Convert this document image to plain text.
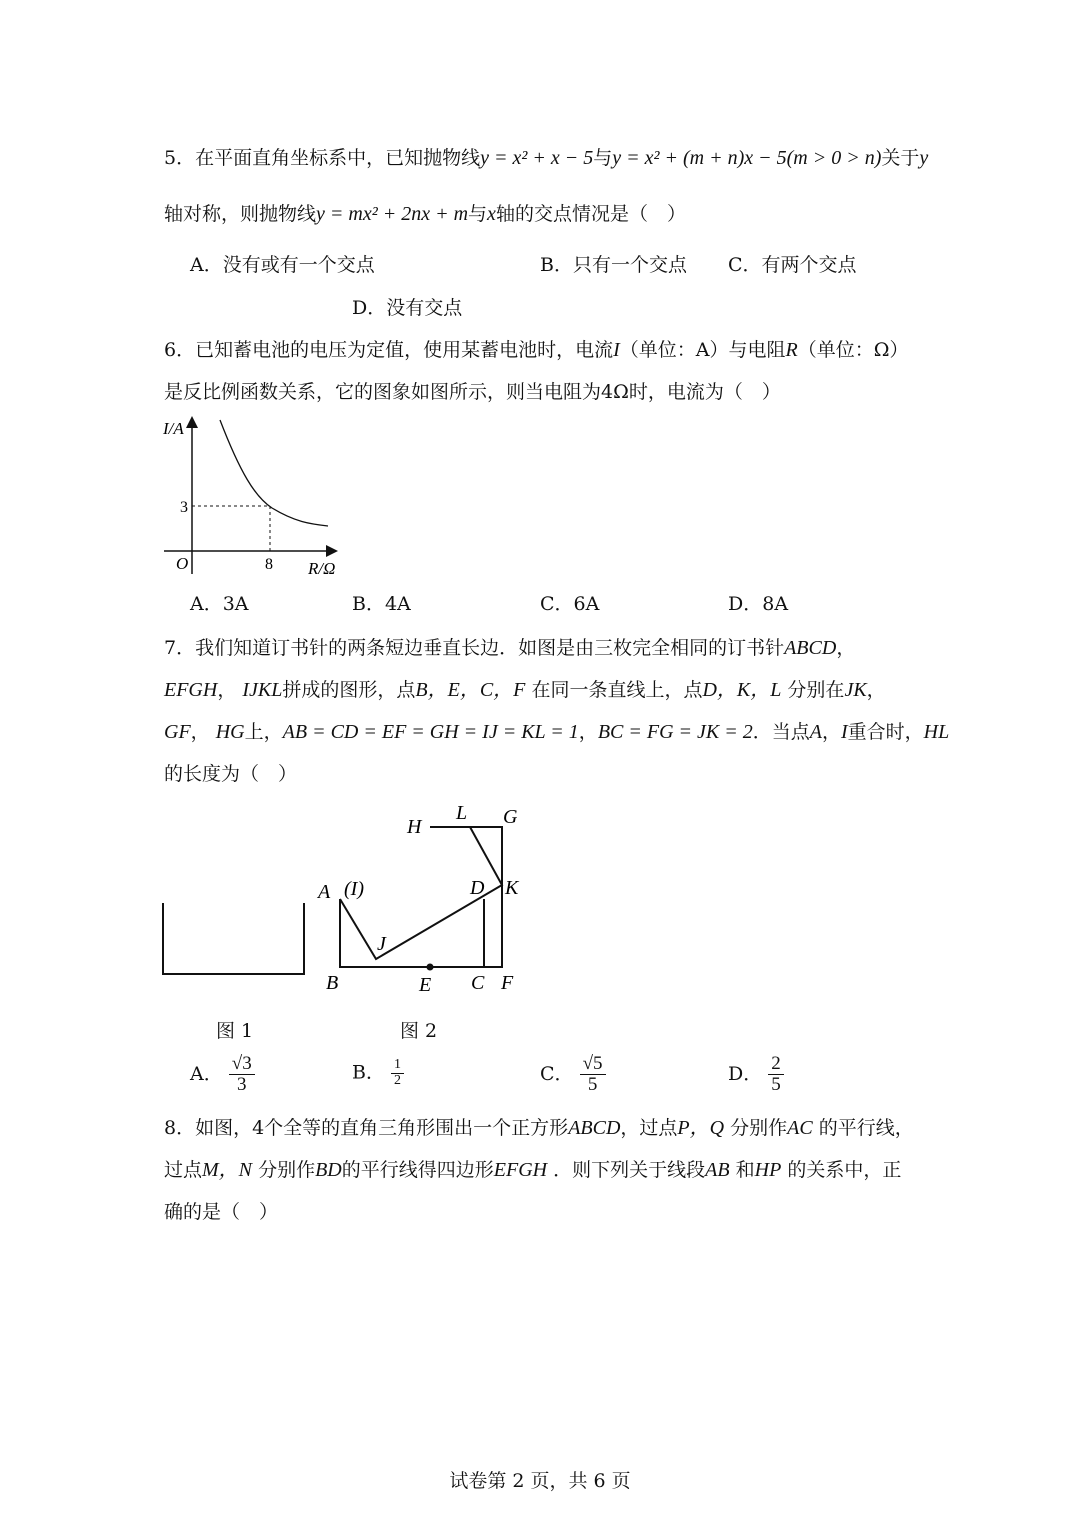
5．在平面直角坐标系中，已知抛物线y = x² + x − 5与y = x² + (m + n)x − 5(m > 0 > n)关于y
轴对称，则抛物线y = mx² + 2nx + m与x轴的交点情况是（　）
A．没有或有一个交点	B．只有一个交点 C．有两个交点
D．没有交点
6．已知蓄电池的电压为定值，使用某蓄电池时，电流I（单位：A）与电阻R（单位：Ω）
是反比例函数关系，它的图象如图所示，则当电阻为4Ω时，电流为（　）
I/A
R/Ω
O
3
8
A．3A	B．4A	C．6A	D．8A
7．我们知道订书针的两条短边垂直长边．如图是由三枚完全相同的订书针ABCD，
EFGH， IJKL拼成的图形，点B，E，C，F 在同一条直线上，点D，K，L 分别在JK，
GF， HG上，AB = CD = EF = GH = IJ = KL = 1，BC = FG = JK = 2．当点A，I重合时，HL
的长度为（　）
H
L G
A (I)	D K
J
B	E C F
图 1	图 2
A． $\frac{√3}{3}$	B． $\frac{1}{2}$	C． $\frac{√5}{5}$	D． $\frac{2}{5}$
8．如图，4个全等的直角三角形围出一个正方形ABCD，过点P，Q 分别作AC 的平行线，
过点M，N 分别作BD的平行线得四边形EFGH ．则下列关于线段AB 和HP 的关系中，正
确的是（　）
试卷第 2 页，共 6 页
